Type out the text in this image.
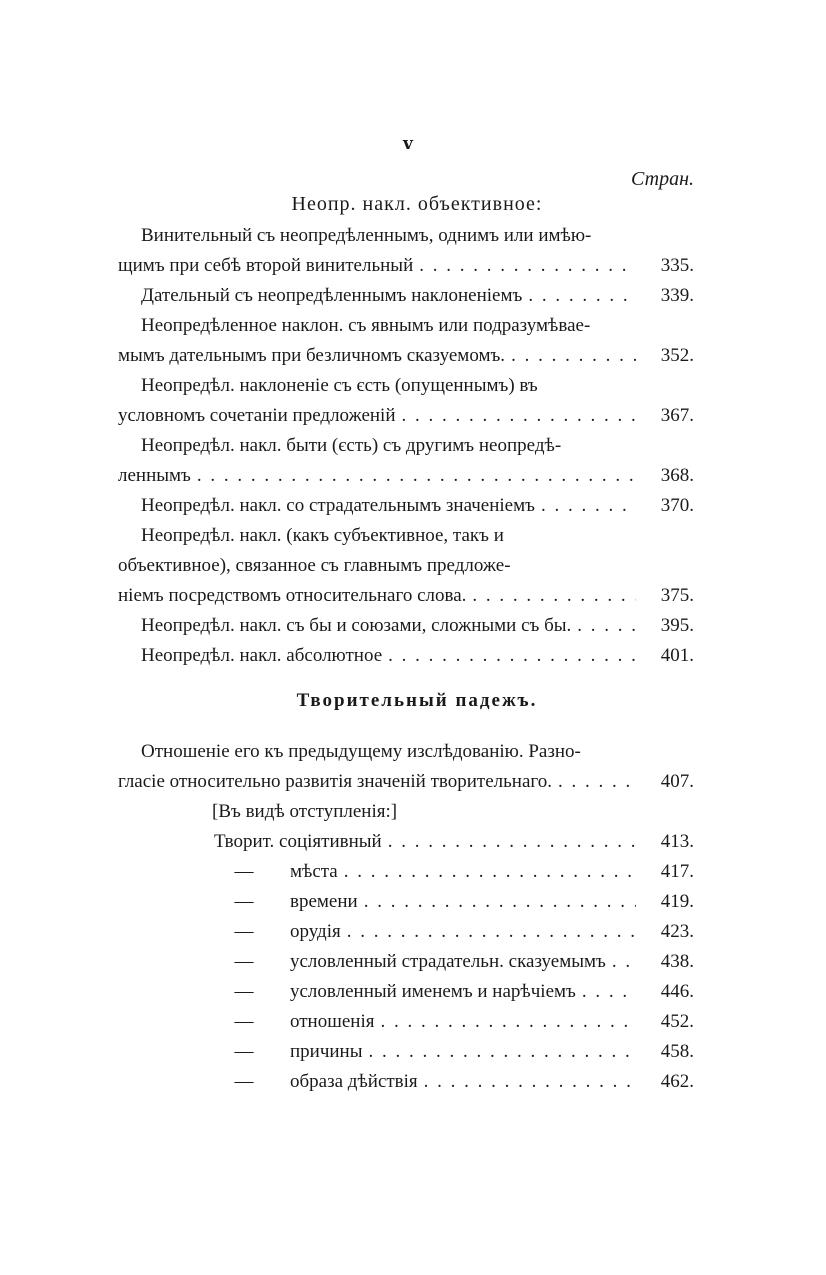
v
Стран.
Неопр. накл. объективное:
Винительный съ неопредѣленнымъ, однимъ или имѣю-
щимъ при себѣ второй винительный . . .	335.
Дательный съ неопредѣленнымъ наклоненіемъ . . .	339.
Неопредѣленное наклон. съ явнымъ или подразумѣвае-
мымъ дательнымъ при безличномъ сказуемомъ. . . .	352.
Неопредѣл. наклоненіе съ єсть (опущеннымъ) въ
условномъ сочетаніи предложеній . . .	367.
Неопредѣл. накл. быти (єсть) съ другимъ неопредѣ-
леннымъ . . .	368.
Неопредѣл. накл. со страдательнымъ значеніемъ . . .	370.
Неопредѣл. накл. (какъ субъективное, такъ и
объективное), связанное съ главнымъ предложе-
ніемъ посредствомъ относительнаго слова. . . .	375.
Неопредѣл. накл. съ бы и союзами, сложными съ бы. . . .	395.
Неопредѣл. накл. абсолютное . . .	401.
Творительный падежъ.
Отношеніе его къ предыдущему изслѣдованію. Разно-
гласіе относительно развитія значеній творительнаго. . . .	407.
[Въ видѣ отступленія:]
Творит. соціятивный . . .	413.
—	мѣста . . .	417.
—	времени . . .	419.
—	орудія . . .	423.
—	условленный страдательн. сказуемымъ . . .	438.
—	условленный именемъ и нарѣчіемъ . . .	446.
—	отношенія . . .	452.
—	причины . . .	458.
—	образа дѣйствія . . .	462.
